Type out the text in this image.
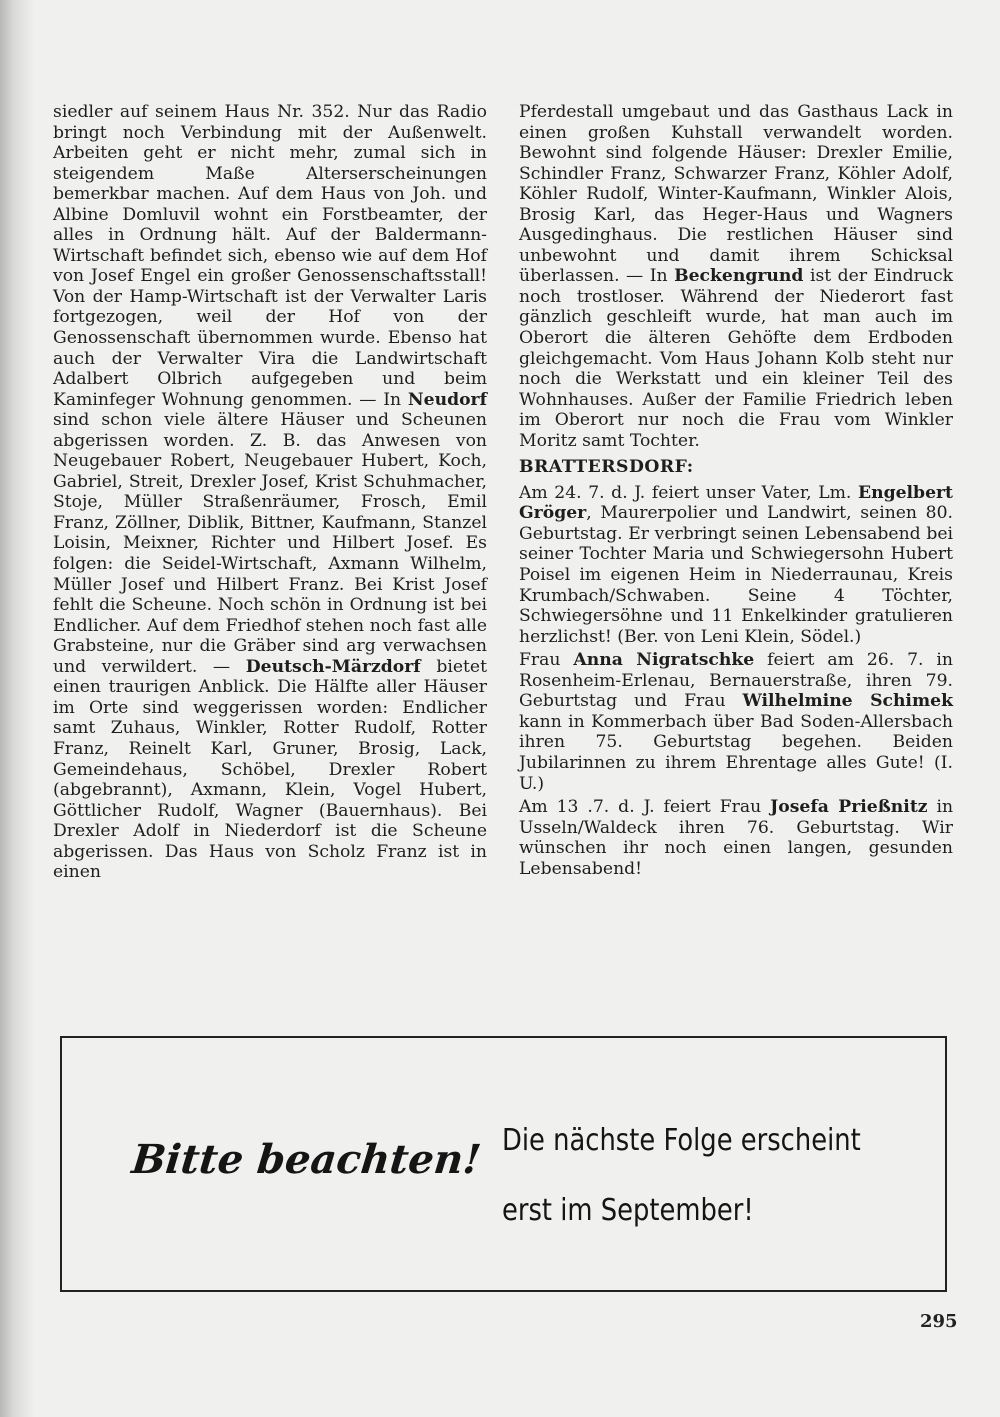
siedler auf seinem Haus Nr. 352. Nur das Radio bringt noch Verbindung mit der Außenwelt. Arbeiten geht er nicht mehr, zumal sich in steigendem Maße Alterserscheinungen bemerkbar machen. Auf dem Haus von Joh. und Albine Domluvil wohnt ein Forstbeamter, der alles in Ordnung hält. Auf der Baldermann-Wirtschaft befindet sich, ebenso wie auf dem Hof von Josef Engel ein großer Genossenschaftsstall! Von der Hamp-Wirtschaft ist der Verwalter Laris fortgezogen, weil der Hof von der Genossenschaft übernommen wurde. Ebenso hat auch der Verwalter Vira die Landwirtschaft Adalbert Olbrich aufgegeben und beim Kaminfeger Wohnung genommen. — In Neudorf sind schon viele ältere Häuser und Scheunen abgerissen worden. Z. B. das Anwesen von Neugebauer Robert, Neugebauer Hubert, Koch, Gabriel, Streit, Drexler Josef, Krist Schuhmacher, Stoje, Müller Straßenräumer, Frosch, Emil Franz, Zöllner, Diblik, Bittner, Kaufmann, Stanzel Loisin, Meixner, Richter und Hilbert Josef. Es folgen: die Seidel-Wirtschaft, Axmann Wilhelm, Müller Josef und Hilbert Franz. Bei Krist Josef fehlt die Scheune. Noch schön in Ordnung ist bei Endlicher. Auf dem Friedhof stehen noch fast alle Grabsteine, nur die Gräber sind arg verwachsen und verwildert. — Deutsch-Märzdorf bietet einen traurigen Anblick. Die Hälfte aller Häuser im Orte sind weggerissen worden: Endlicher samt Zuhaus, Winkler, Rotter Rudolf, Rotter Franz, Reinelt Karl, Gruner, Brosig, Lack, Gemeindehaus, Schöbel, Drexler Robert (abgebrannt), Axmann, Klein, Vogel Hubert, Göttlicher Rudolf, Wagner (Bauernhaus). Bei Drexler Adolf in Niederdorf ist die Scheune abgerissen. Das Haus von Scholz Franz ist in einen

Pferdestall umgebaut und das Gasthaus Lack in einen großen Kuhstall verwandelt worden. Bewohnt sind folgende Häuser: Drexler Emilie, Schindler Franz, Schwarzer Franz, Köhler Adolf, Köhler Rudolf, Winter-Kaufmann, Winkler Alois, Brosig Karl, das Heger-Haus und Wagners Ausgedinghaus. Die restlichen Häuser sind unbewohnt und damit ihrem Schicksal überlassen. — In Beckengrund ist der Eindruck noch trostloser. Während der Niederort fast gänzlich geschleift wurde, hat man auch im Oberort die älteren Gehöfte dem Erdboden gleichgemacht. Vom Haus Johann Kolb steht nur noch die Werkstatt und ein kleiner Teil des Wohnhauses. Außer der Familie Friedrich leben im Oberort nur noch die Frau vom Winkler Moritz samt Tochter.

BRATTERSDORF:

Am 24. 7. d. J. feiert unser Vater, Lm. Engelbert Gröger, Maurerpolier und Landwirt, seinen 80. Geburtstag. Er verbringt seinen Lebensabend bei seiner Tochter Maria und Schwiegersohn Hubert Poisel im eigenen Heim in Niederraunau, Kreis Krumbach/Schwaben. Seine 4 Töchter, Schwiegersöhne und 11 Enkelkinder gratulieren herzlichst! (Ber. von Leni Klein, Södel.)

Frau Anna Nigratschke feiert am 26. 7. in Rosenheim-Erlenau, Bernauerstraße, ihren 79. Geburtstag und Frau Wilhelmine Schimek kann in Kommerbach über Bad Soden-Allersbach ihren 75. Geburtstag begehen. Beiden Jubilarinnen zu ihrem Ehrentage alles Gute! (I. U.)

Am 13 .7. d. J. feiert Frau Josefa Prießnitz in Usseln/Waldeck ihren 76. Geburtstag. Wir wünschen ihr noch einen langen, gesunden Lebensabend!

Bitte beachten! Die nächste Folge erscheint
erst im September!
295
